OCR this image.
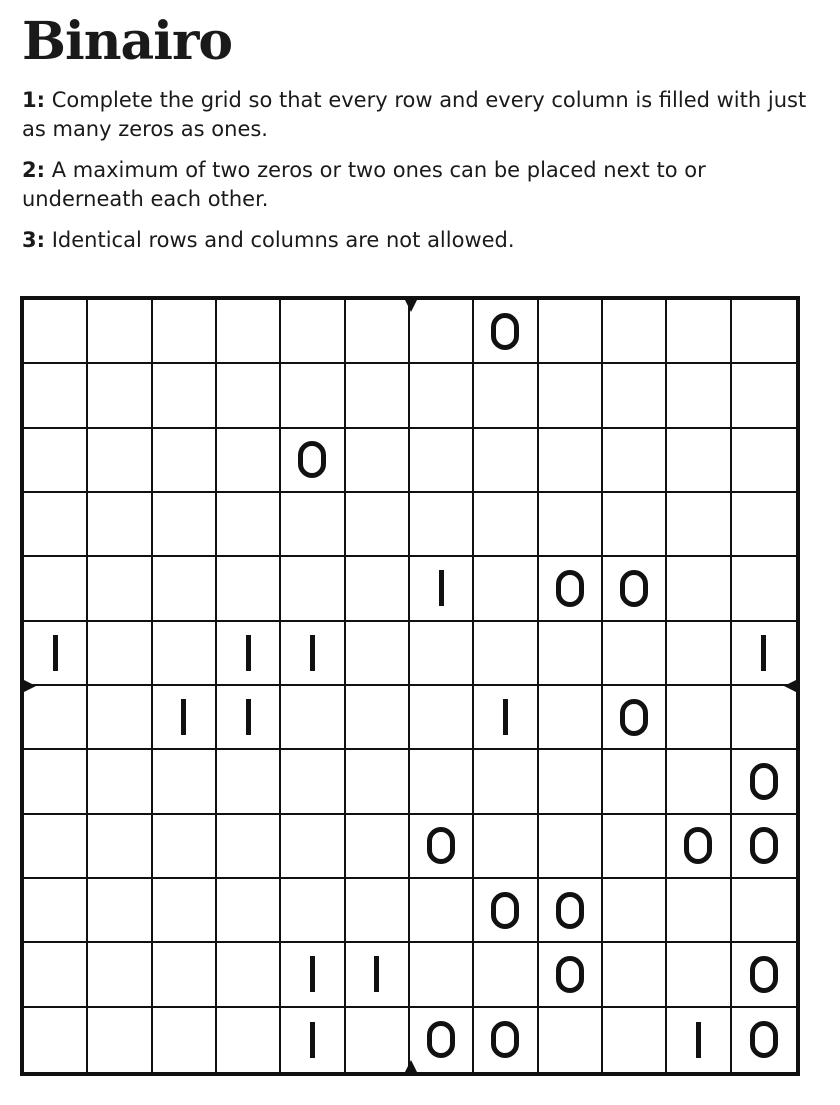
Binairo
1: Complete the grid so that every row and every column is filled with just as many zeros as ones.
2: A maximum of two zeros or two ones can be placed next to or underneath each other.
3: Identical rows and columns are not allowed.
